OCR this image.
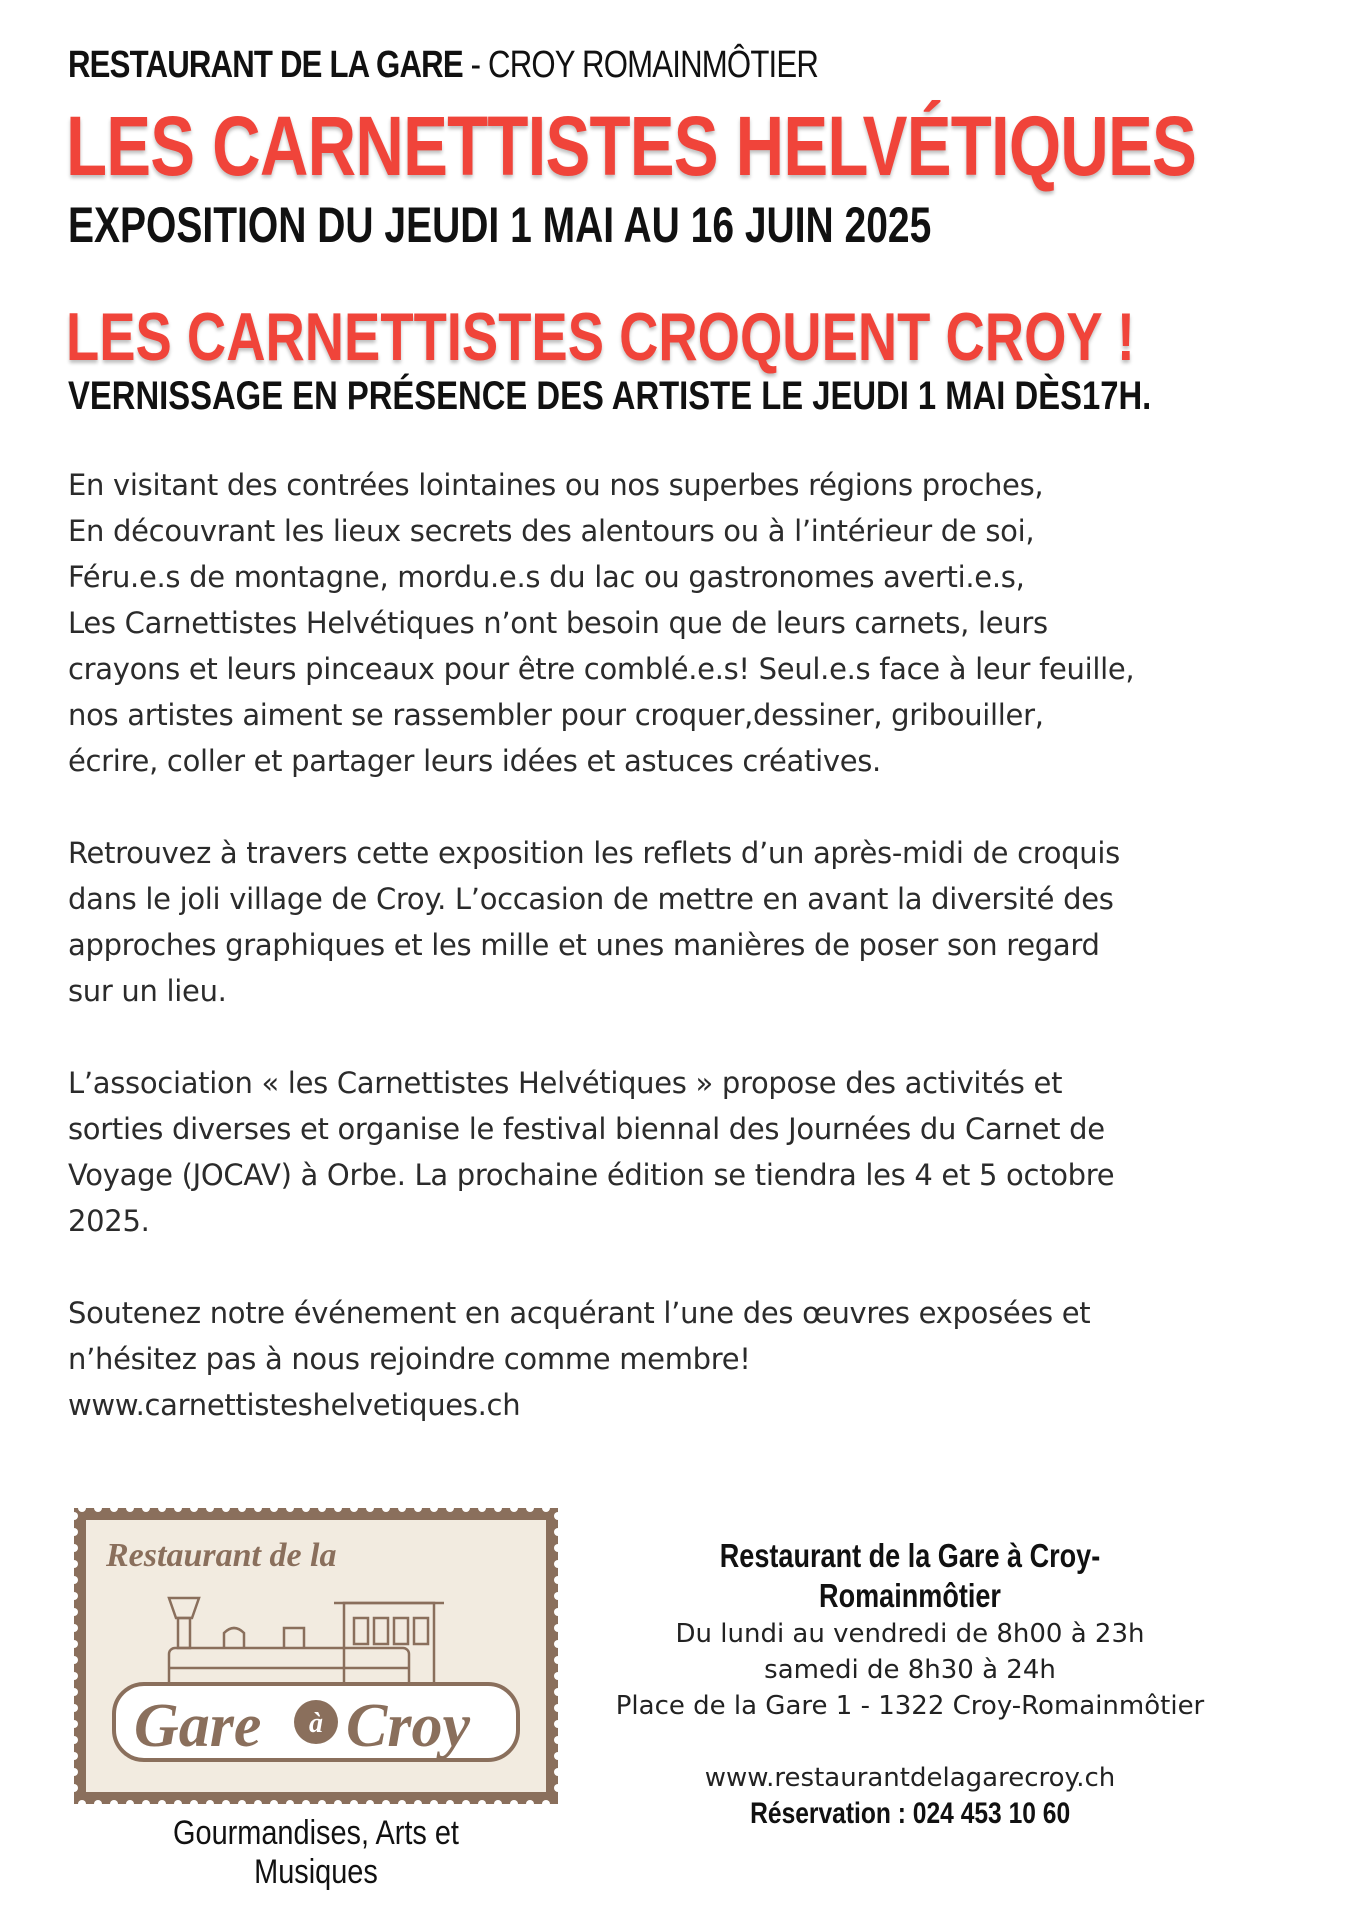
RESTAURANT DE LA GARE - CROY ROMAINMÔTIER
LES CARNETTISTES HELVÉTIQUES
EXPOSITION DU JEUDI 1 MAI AU 16 JUIN 2025
LES CARNETTISTES CROQUENT CROY !
VERNISSAGE EN PRÉSENCE DES ARTISTE LE JEUDI 1 MAI DÈS17H.
En visitant des contrées lointaines ou nos superbes régions proches,
En découvrant les lieux secrets des alentours ou à l’intérieur de soi,
Féru.e.s de montagne, mordu.e.s du lac ou gastronomes averti.e.s,
Les Carnettistes Helvétiques n’ont besoin que de leurs carnets, leurs
crayons et leurs pinceaux pour être comblé.e.s! Seul.e.s face à leur feuille,
nos artistes aiment se rassembler pour croquer,dessiner, gribouiller,
écrire, coller et partager leurs idées et astuces créatives.
Retrouvez à travers cette exposition les reflets d’un après-midi de croquis
dans le joli village de Croy. L’occasion de mettre en avant la diversité des
approches graphiques et les mille et unes manières de poser son regard
sur un lieu.
L’association « les Carnettistes Helvétiques » propose des activités et
sorties diverses et organise le festival biennal des Journées du Carnet de
Voyage (JOCAV) à Orbe. La prochaine édition se tiendra les 4 et 5 octobre
2025.
Soutenez notre événement en acquérant l’une des œuvres exposées et
n’hésitez pas à nous rejoindre comme membre!
www.carnettisteshelvetiques.ch
Restaurant de la
Gare à Croy
Gourmandises, Arts et Musiques
Restaurant de la Gare à Croy-Romainmôtier
Du lundi au vendredi de 8h00 à 23h
samedi de 8h30 à 24h
Place de la Gare 1 - 1322 Croy-Romainmôtier
www.restaurantdelagarecroy.ch
Réservation : 024 453 10 60
